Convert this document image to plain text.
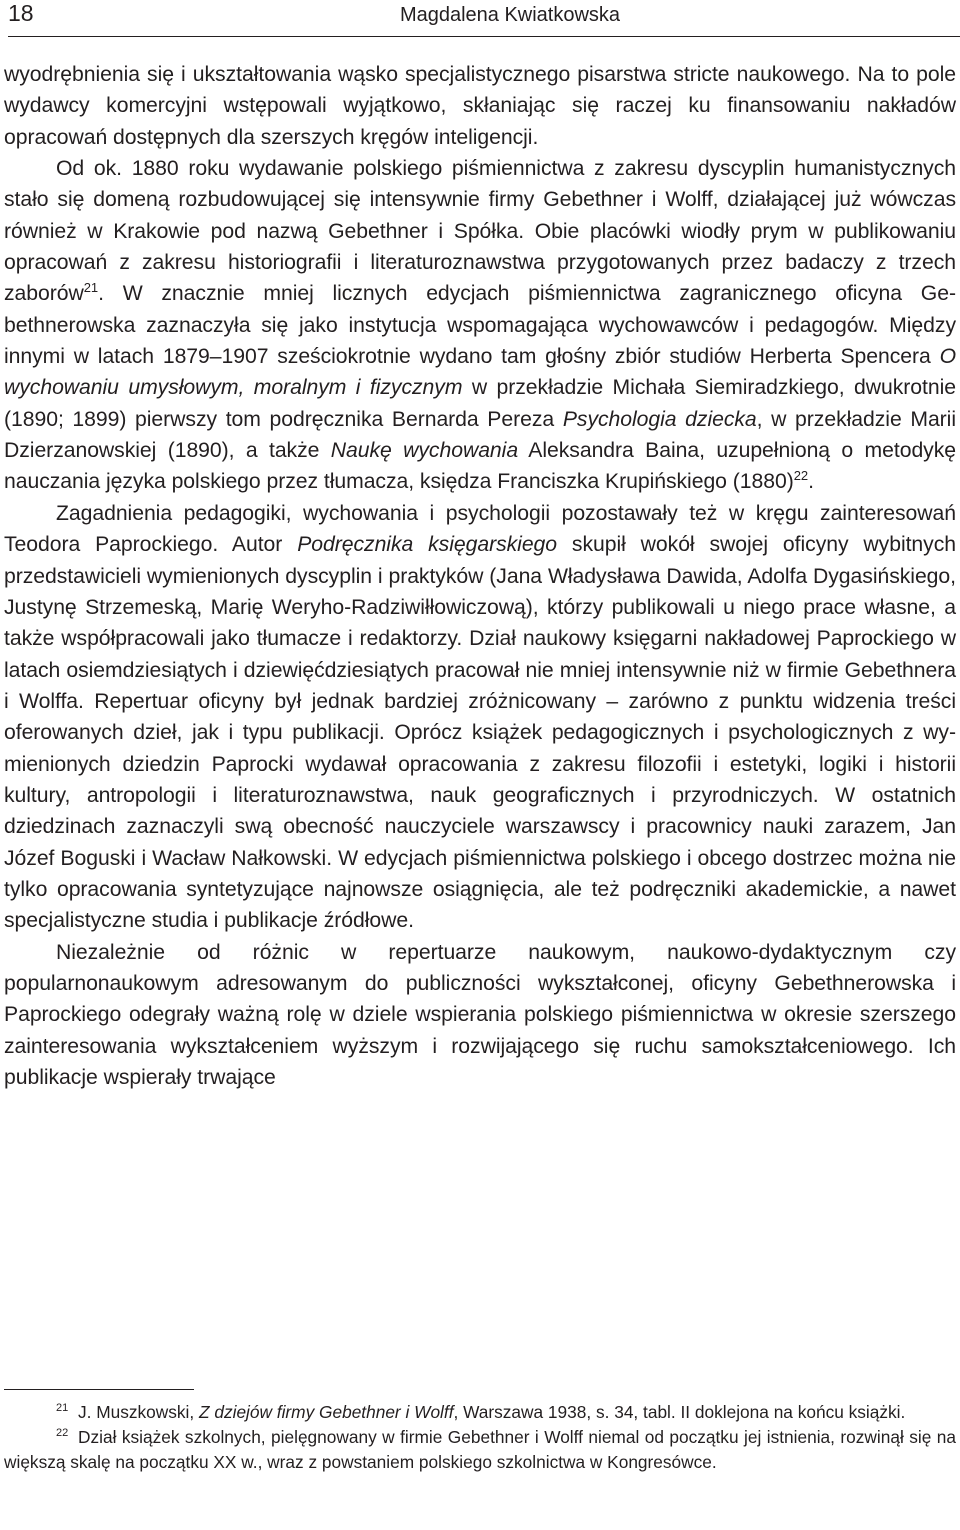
18	Magdalena Kwiatkowska

wyodrębnienia się i ukształtowania wąsko specjalistycznego pisarstwa stricte naukowego. Na to pole wydawcy komercyjni wstępowali wyjątkowo, skłaniając się raczej ku finansowaniu nakładów opracowań dostępnych dla szerszych kręgów inteligencji.

Od ok. 1880 roku wydawanie polskiego piśmiennictwa z zakresu dyscyplin humanistycznych stało się domeną rozbudowującej się intensywnie firmy Gebethner i Wolff, działającej już wówczas również w Krakowie pod nazwą Gebethner i Spółka. Obie placówki wiodły prym w publikowaniu opracowań z zakresu historiografii i literaturoznawstwa przygotowanych przez badaczy z trzech zaborów$^{21}$. W znacznie mniej licznych edycjach piśmiennictwa zagranicznego oficyna Gebethnerowska zaznaczyła się jako instytucja wspomagająca wychowawców i pedagogów. Między innymi w latach 1879–1907 sześciokrotnie wydano tam głośny zbiór studiów Herberta Spencera O wychowaniu umysłowym, moralnym i fizycznym w przekładzie Michała Siemiradzkiego, dwukrotnie (1890; 1899) pierwszy tom podręcznika Bernarda Pereza Psychologia dziecka, w przekładzie Marii Dzierzanowskiej (1890), a także Naukę wychowania Aleksandra Baina, uzupełnioną o metodykę nauczania języka polskiego przez tłumacza, księdza Franciszka Krupińskiego $(1880)^{22}$.

Zagadnienia pedagogiki, wychowania i psychologii pozostawały też w kręgu zainteresowań Teodora Paprockiego. Autor Podręcznika księgarskiego skupił wokół swojej oficyny wybitnych przedstawicieli wymienionych dyscyplin i praktyków (Jana Władysława Dawida, Adolfa Dygasińskiego, Justynę Strzemeską, Marię Weryho-Radziwiłłowiczową), którzy publikowali u niego prace własne, a także współpracowali jako tłumacze i redaktorzy. Dział naukowy księgarni nakładowej Paprockiego w latach osiemdziesiątych i dziewięćdziesiątych pracował nie mniej intensywnie niż w firmie Gebethnera i Wolffa. Repertuar oficyny był jednak bardziej zróżnicowany – zarówno z punktu widzenia treści oferowanych dzieł, jak i typu publikacji. Oprócz książek pedagogicznych i psychologicznych z wymienionych dziedzin Paprocki wydawał opracowania z zakresu filozofii i estetyki, logiki i historii kultury, antropologii i literaturoznawstwa, nauk geograficznych i przyrodniczych. W ostatnich dziedzinach zaznaczyli swą obecność nauczyciele warszawscy i pracownicy nauki zarazem, Jan Józef Boguski i Wacław Nałkowski. W edycjach piśmiennictwa polskiego i obcego dostrzec można nie tylko opracowania syntetyzujące najnowsze osiągnięcia, ale też podręczniki akademickie, a nawet specjalistyczne studia i publikacje źródłowe.

Niezależnie od różnic w repertuarze naukowym, naukowo-dydaktycznym czy popularnonaukowym adresowanym do publiczności wykształconej, oficyny Gebethnerowska i Paprockiego odegrały ważną rolę w dziele wspierania polskiego piśmiennictwa w okresie szerszego zainteresowania wykształceniem wyższym i rozwijającego się ruchu samokształceniowego. Ich publikacje wspierały trwające

$^{21}$ J. Muszkowski, Z dziejów firmy Gebethner i Wolff, Warszawa 1938, s. 34, tabl. II doklejona na końcu książki.

$^{22}$ Dział książek szkolnych, pielęgnowany w firmie Gebethner i Wolff niemal od początku jej istnienia, rozwinął się na większą skalę na początku XX w., wraz z powstaniem polskiego szkolnictwa w Kongresówce.
